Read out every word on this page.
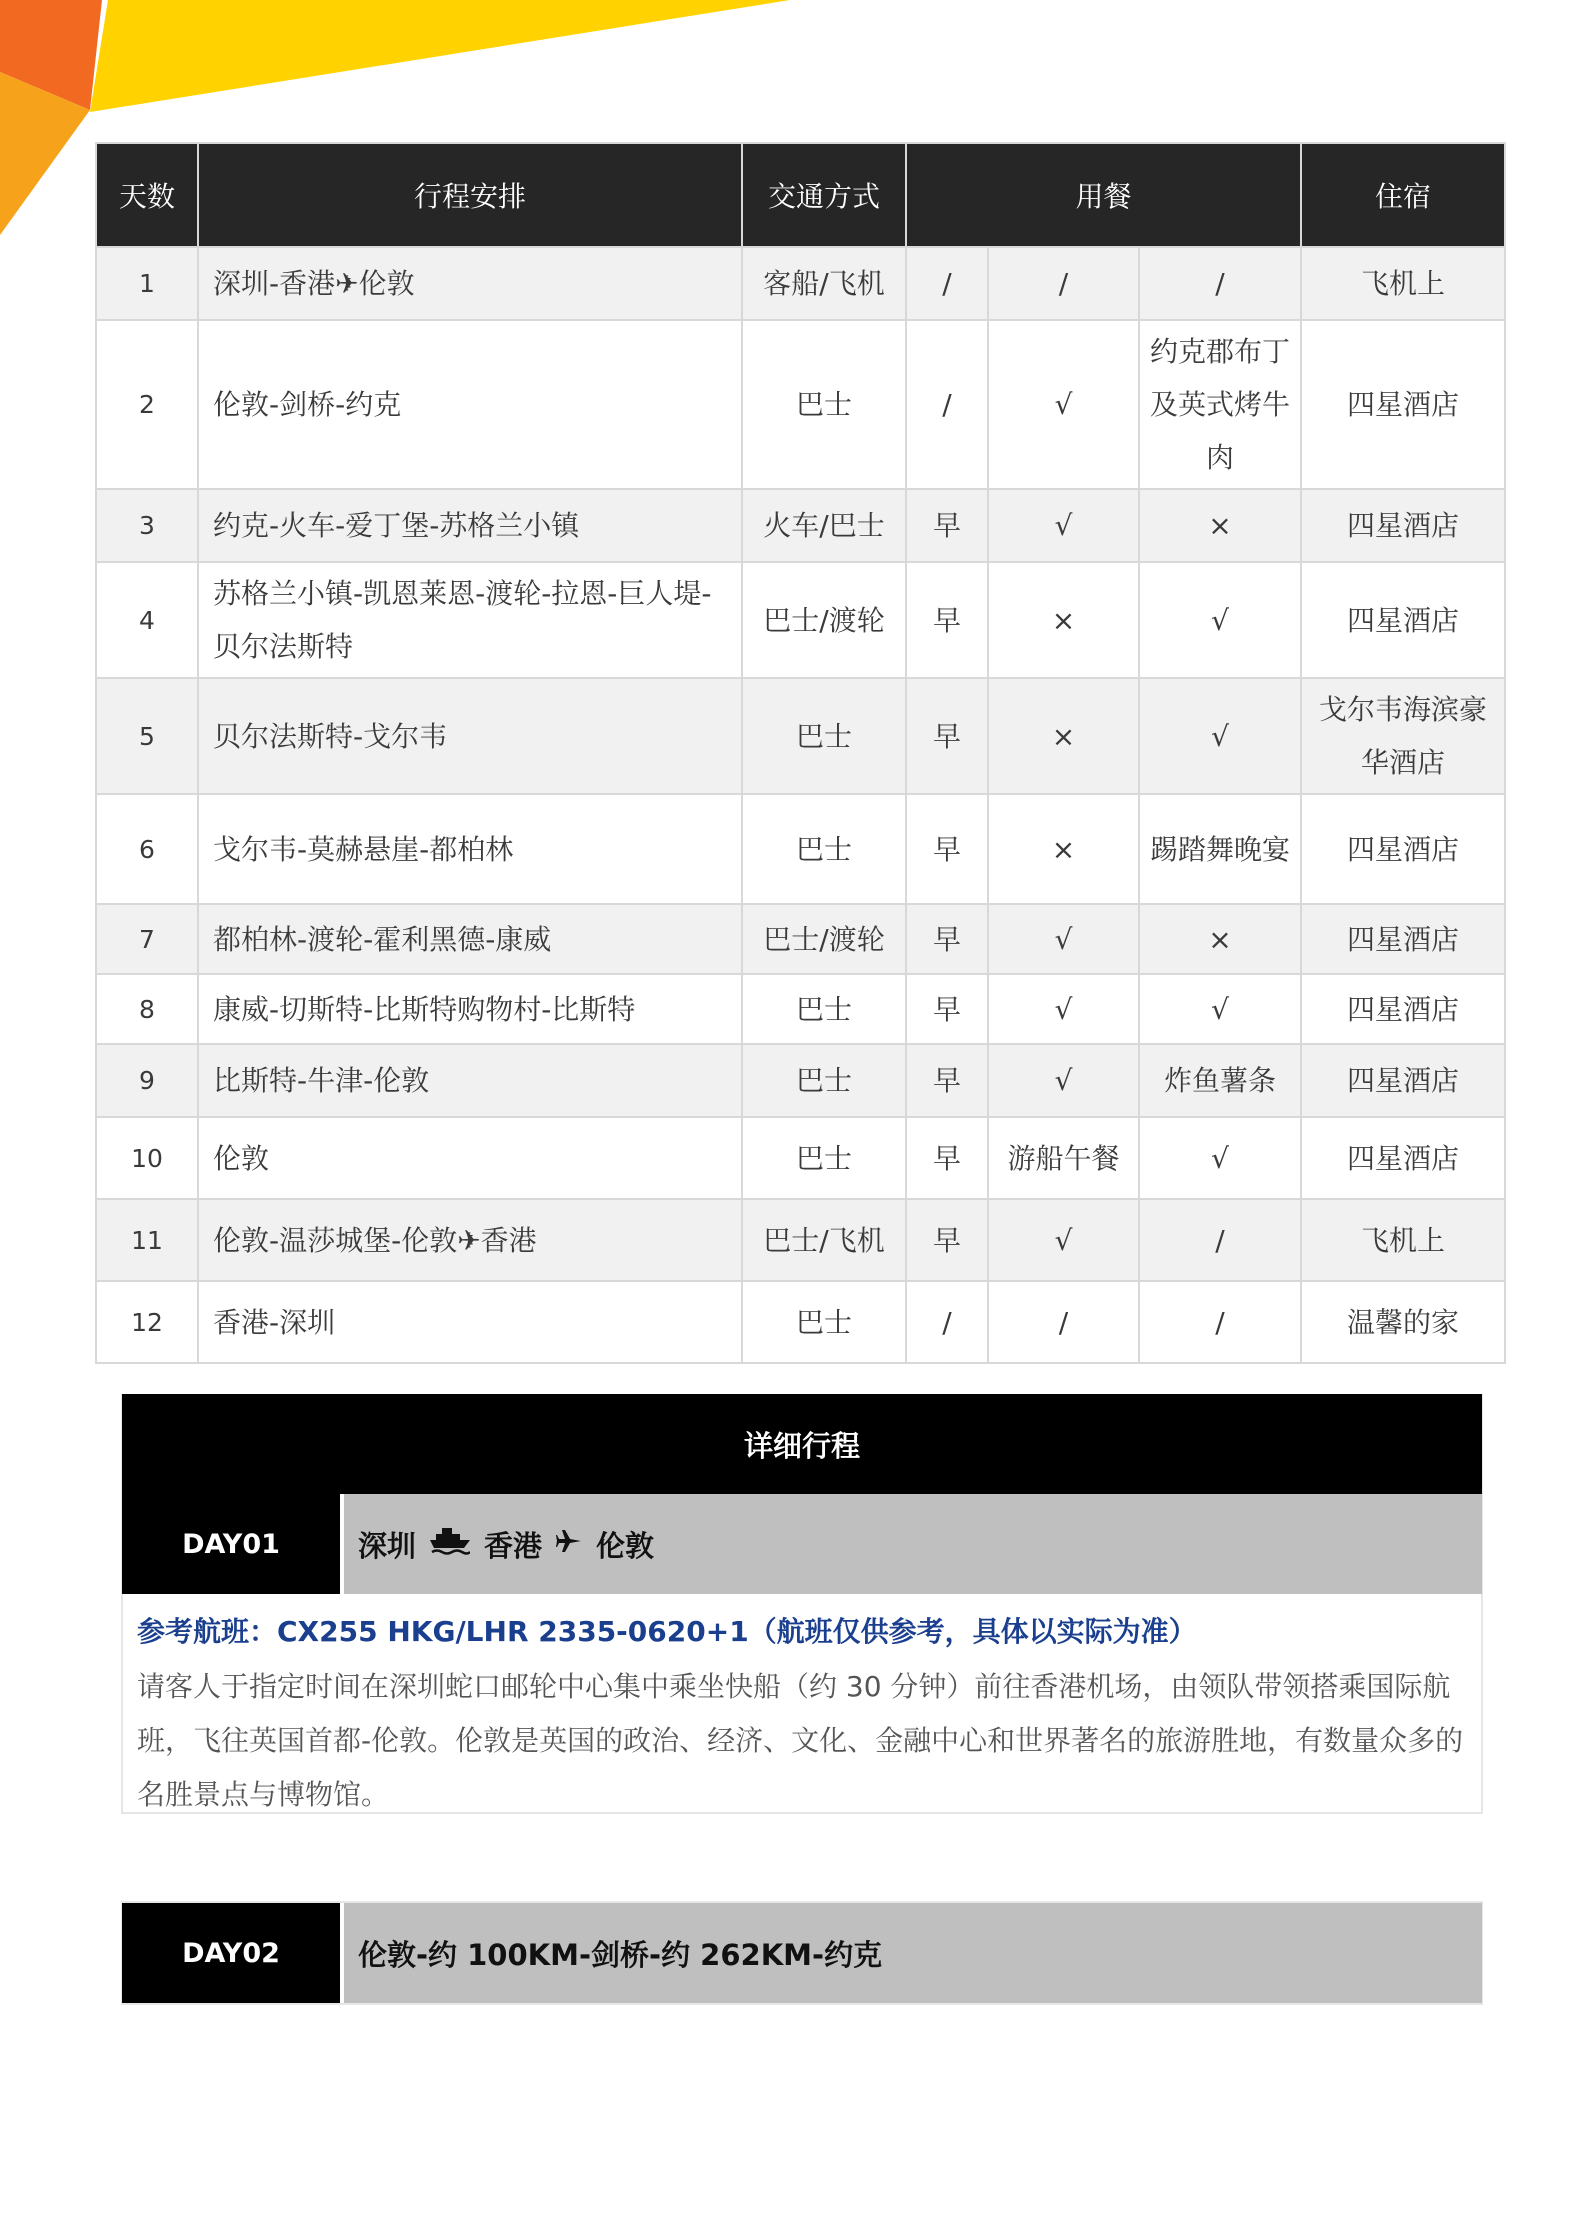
天数	行程安排	交通方式	用餐			住宿
1	深圳-香港✈伦敦	客船/飞机	/	/	/	飞机上
2	伦敦-剑桥-约克	巴士	/	√	约克郡布丁及英式烤牛肉	四星酒店
3	约克-火车-爱丁堡-苏格兰小镇	火车/巴士	早	√	×	四星酒店
4	苏格兰小镇-凯恩莱恩-渡轮-拉恩-巨人堤-贝尔法斯特	巴士/渡轮	早	×	√	四星酒店
5	贝尔法斯特-戈尔韦	巴士	早	×	√	戈尔韦海滨豪华酒店
6	戈尔韦-莫赫悬崖-都柏林	巴士	早	×	踢踏舞晚宴	四星酒店
7	都柏林-渡轮-霍利黑德-康威	巴士/渡轮	早	√	×	四星酒店
8	康威-切斯特-比斯特购物村-比斯特	巴士	早	√	√	四星酒店
9	比斯特-牛津-伦敦	巴士	早	√	炸鱼薯条	四星酒店
10	伦敦	巴士	早	游船午餐	√	四星酒店
11	伦敦-温莎城堡-伦敦✈香港	巴士/飞机	早	√	/	飞机上
12	香港-深圳	巴士	/	/	/	温馨的家
详细行程
DAY01	深圳 香港 伦敦
参考航班：CX255 HKG/LHR 2335-0620+1（航班仅供参考，具体以实际为准）
请客人于指定时间在深圳蛇口邮轮中心集中乘坐快船（约 30 分钟）前往香港机场，由领队带领搭乘国际航班，飞往英国首都-伦敦。伦敦是英国的政治、经济、文化、金融中心和世界著名的旅游胜地，有数量众多的名胜景点与博物馆。
DAY02	伦敦-约 100KM-剑桥-约 262KM-约克
